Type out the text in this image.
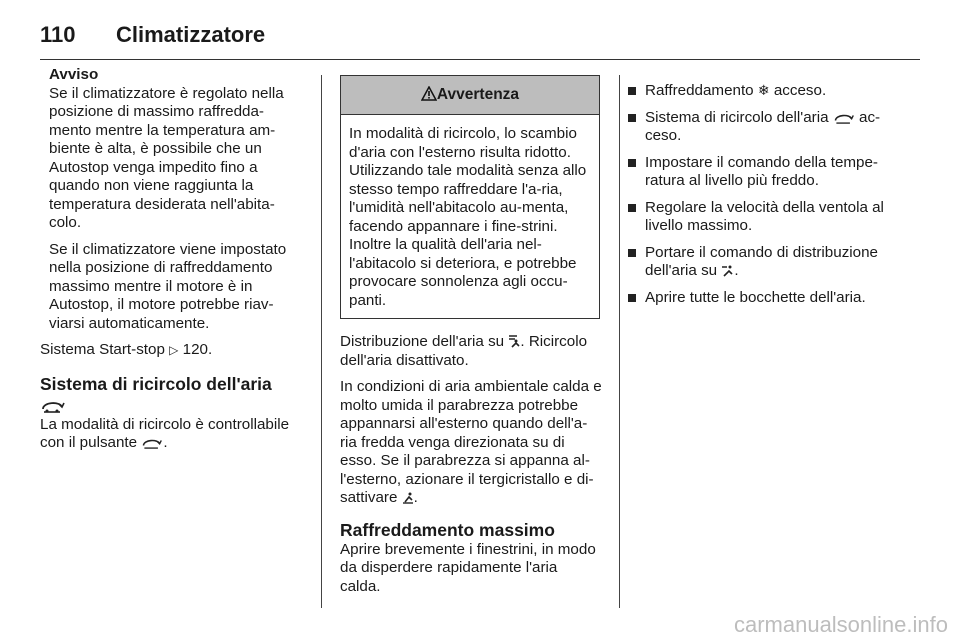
110 Climatizzatore
Avviso

Se il climatizzatore è regolato nella posizione di massimo raffredda-mento mentre la temperatura am-biente è alta, è possibile che un Autostop venga impedito fino a quando non viene raggiunta la temperatura desiderata nell'abita-colo.

Se il climatizzatore viene impostato nella posizione di raffreddamento massimo mentre il motore è in Autostop, il motore potrebbe riav-viarsi automaticamente.

Sistema Start-stop ▷ 120.

Sistema di ricircolo dell'aria

La modalità di ricircolo è controllabile con il pulsante .

Avvertenza
In modalità di ricircolo, lo scambio d'aria con l'esterno risulta ridotto. Utilizzando tale modalità senza allo stesso tempo raffreddare l'a-ria, l'umidità nell'abitacolo au-menta, facendo appannare i fine-strini. Inoltre la qualità dell'aria nel-l'abitacolo si deteriora, e potrebbe provocare sonnolenza agli occu-panti.

Distribuzione dell'aria su . Ricircolo dell'aria disattivato.

In condizioni di aria ambientale calda e molto umida il parabrezza potrebbe appannarsi all'esterno quando dell'a-ria fredda venga direzionata su di esso. Se il parabrezza si appanna al-l'esterno, azionare il tergicristallo e di-sattivare .

Raffreddamento massimo

Aprire brevemente i finestrini, in modo da disperdere rapidamente l'aria calda.

Raffreddamento ❄ acceso.
Sistema di ricircolo dell'aria ac-ceso.
Impostare il comando della tempe-ratura al livello più freddo.
Regolare la velocità della ventola al livello massimo.
Portare il comando di distribuzione dell'aria su .
Aprire tutte le bocchette dell'aria.
carmanualsonline.info
